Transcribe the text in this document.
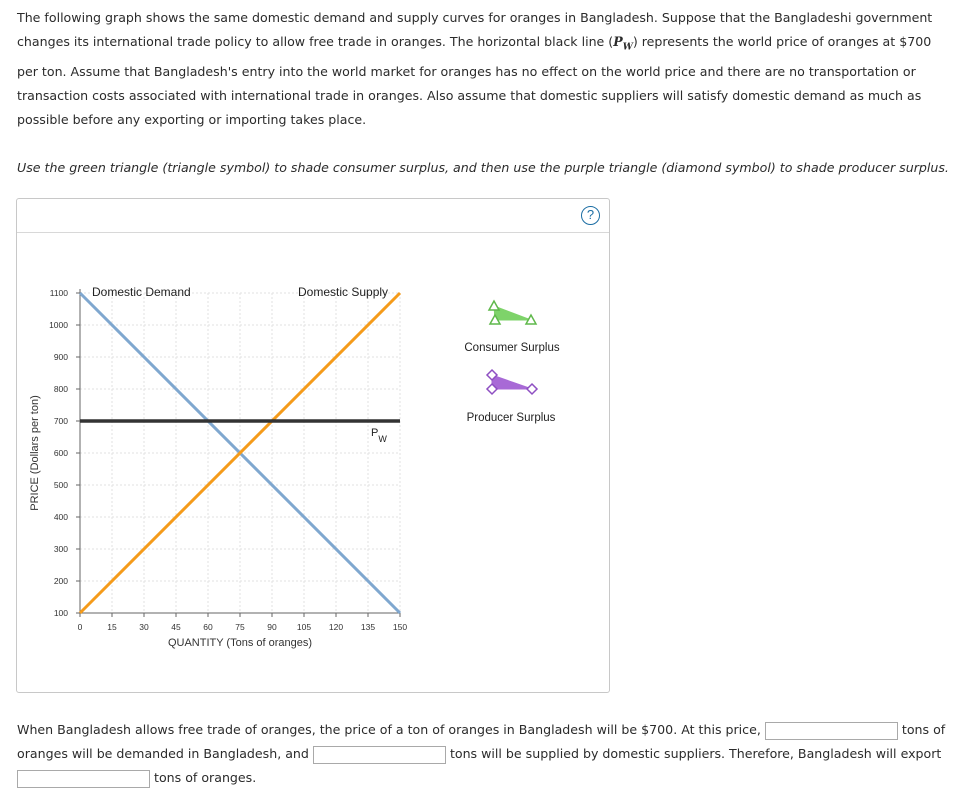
The following graph shows the same domestic demand and supply curves for oranges in Bangladesh. Suppose that the Bangladeshi government changes its international trade policy to allow free trade in oranges. The horizontal black line $(P_W)$ represents the world price of oranges at $700 per ton. Assume that Bangladesh's entry into the world market for oranges has no effect on the world price and there are no transportation or transaction costs associated with international trade in oranges. Also assume that domestic suppliers will satisfy domestic demand as much as possible before any exporting or importing takes place.

Use the green triangle (triangle symbol) to shade consumer surplus, and then use the purple triangle (diamond symbol) to shade producer surplus.

?
100
200
300
400
500
600
700
800
900
1000
1100
0	15	30	45	60	75	90 105 120 135 150
QUANTITY (Tons of oranges)
PRICE (Dollars per ton)
Domestic Demand	Domestic Supply
$P_W$
Consumer Surplus
Producer Surplus

When Bangladesh allows free trade of oranges, the price of a ton of oranges in Bangladesh will be $700. At this price,	tons of oranges will be demanded in Bangladesh, and	tons will be supplied by domestic suppliers. Therefore, Bangladesh will export  tons of oranges.
